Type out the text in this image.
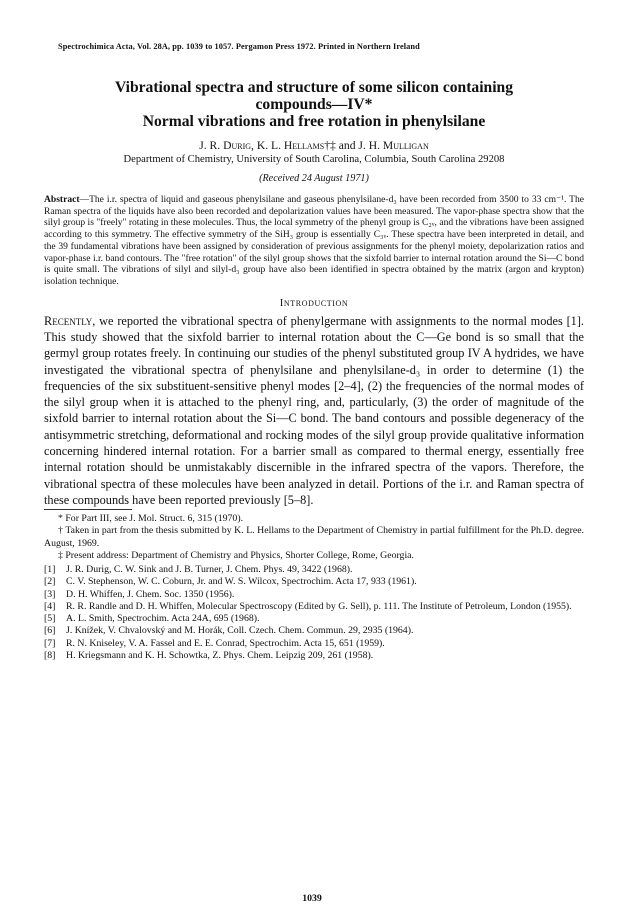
Spectrochimica Acta, Vol. 28A, pp. 1039 to 1057. Pergamon Press 1972. Printed in Northern Ireland
Vibrational spectra and structure of some silicon containing
compounds—IV*
Normal vibrations and free rotation in phenylsilane
J. R. Durig, K. L. Hellams†‡ and J. H. Mulligan
Department of Chemistry, University of South Carolina, Columbia, South Carolina 29208
(Received 24 August 1971)
Abstract—The i.r. spectra of liquid and gaseous phenylsilane and gaseous phenylsilane-d₃ have been recorded from 3500 to 33 cm⁻¹. The Raman spectra of the liquids have also been recorded and depolarization values have been measured. The vapor-phase spectra show that the silyl group is "freely" rotating in these molecules. Thus, the local symmetry of the phenyl group is C₂ᵥ, and the vibrations have been assigned according to this symmetry. The effective symmetry of the SiH₃ group is essentially C₃ᵥ. These spectra have been interpreted in detail, and the 39 fundamental vibrations have been assigned by consideration of previous assignments for the phenyl moiety, depolarization ratios and vapor-phase i.r. band contours. The "free rotation" of the silyl group shows that the sixfold barrier to internal rotation around the Si—C bond is quite small. The vibrations of silyl and silyl-d₃ group have also been identified in spectra obtained by the matrix (argon and krypton) isolation technique.
Introduction
Recently, we reported the vibrational spectra of phenylgermane with assignments to the normal modes [1]. This study showed that the sixfold barrier to internal rotation about the C—Ge bond is so small that the germyl group rotates freely. In continuing our studies of the phenyl substituted group IV A hydrides, we have investigated the vibrational spectra of phenylsilane and phenylsilane-d₃ in order to determine (1) the frequencies of the six substituent-sensitive phenyl modes [2–4], (2) the frequencies of the normal modes of the silyl group when it is attached to the phenyl ring, and, particularly, (3) the order of magnitude of the sixfold barrier to internal rotation about the Si—C bond. The band contours and possible degeneracy of the antisymmetric stretching, deformational and rocking modes of the silyl group provide qualitative information concerning hindered internal rotation. For a barrier small as compared to thermal energy, essentially free internal rotation should be unmistakably discernible in the infrared spectra of the vapors. Therefore, the vibrational spectra of these molecules have been analyzed in detail. Portions of the i.r. and Raman spectra of these compounds have been reported previously [5–8].
* For Part III, see J. Mol. Struct. 6, 315 (1970).
† Taken in part from the thesis submitted by K. L. Hellams to the Department of Chemistry in partial fulfillment for the Ph.D. degree. August, 1969.
‡ Present address: Department of Chemistry and Physics, Shorter College, Rome, Georgia.
[1]	J. R. Durig, C. W. Sink and J. B. Turner, J. Chem. Phys. 49, 3422 (1968).
[2]	C. V. Stephenson, W. C. Coburn, Jr. and W. S. Wilcox, Spectrochim. Acta 17, 933 (1961).
[3]	D. H. Whiffen, J. Chem. Soc. 1350 (1956).
[4]	R. R. Randle and D. H. Whiffen, Molecular Spectroscopy (Edited by G. Sell), p. 111. The Institute of Petroleum, London (1955).
[5]	A. L. Smith, Spectrochim. Acta 24A, 695 (1968).
[6]	J. Knížek, V. Chvalovský and M. Horák, Coll. Czech. Chem. Commun. 29, 2935 (1964).
[7]	R. N. Kniseley, V. A. Fassel and E. E. Conrad, Spectrochim. Acta 15, 651 (1959).
[8]	H. Kriegsmann and K. H. Schowtka, Z. Phys. Chem. Leipzig 209, 261 (1958).
1039
